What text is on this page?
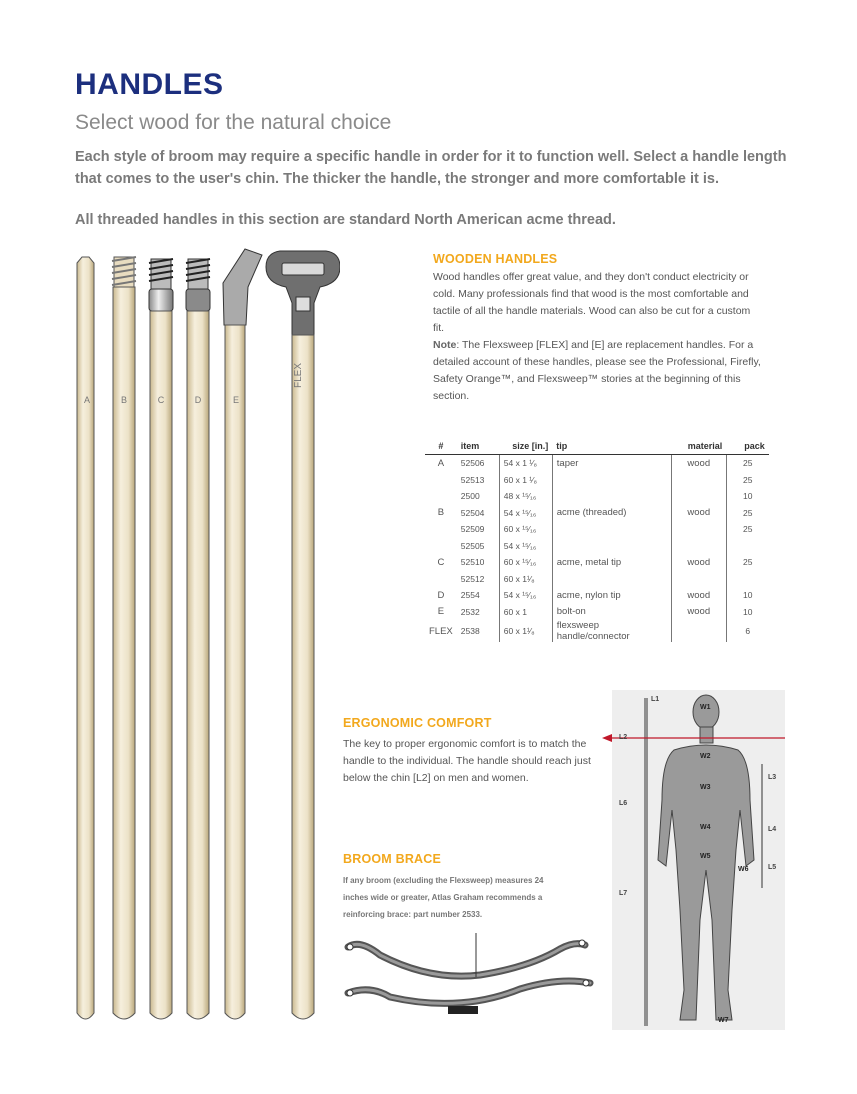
HANDLES
Select wood for the natural choice
Each style of broom may require a specific handle in order for it to function well. Select a handle length that comes to the user's chin. The thicker the handle, the stronger and more comfortable it is.
All threaded handles in this section are standard North American acme thread.
A	B	C	D	E
FLEX
WOODEN HANDLES
Wood handles offer great value, and they don't conduct electricity or cold. Many professionals find that wood is the most comfortable and tactile of all the handle materials. Wood can also be cut for a custom fit.
Note: The Flexsweep [FLEX] and [E] are replacement handles. For a detailed account of these handles, please see the Professional, Firefly, Safety Orange™, and Flexsweep™ stories at the beginning of this section.
#	item	size [in.]	tip	material	pack
A	52506	54 x 1 ¹⁄₈	taper	wood	25
	52513	60 x 1 ¹⁄₈			25
	2500	48 x ¹⁵⁄₁₆			10
B	52504	54 x ¹⁵⁄₁₆	acme (threaded)	wood	25
	52509	60 x ¹⁵⁄₁₆			25
	52505	54 x ¹⁵⁄₁₆			
C	52510	60 x ¹⁵⁄₁₆	acme, metal tip	wood	25
	52512	60 x 1¹⁄₈			
D	2554	54 x ¹⁵⁄₁₆	acme, nylon tip	wood	10
E	2532	60 x 1	bolt-on	wood	10
FLEX	2538	60 x 1¹⁄₈	flexsweep handle/connector		6
ERGONOMIC COMFORT
The key to proper ergonomic comfort is to match the handle to the individual. The handle should reach just below the chin [L2] on men and women.
BROOM BRACE
If any broom (excluding the Flexsweep) measures 24 inches wide or greater, Atlas Graham recommends a reinforcing brace: part number 2533.
L1
L2
L3
L4
L5
L6
L7
W1
W2
W3
W4
W5
W6
W7
